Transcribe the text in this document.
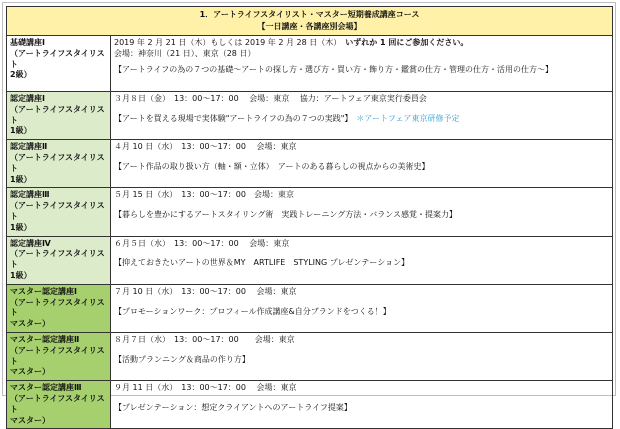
1．アートライフスタイリスト・マスター短期養成講座コース
【一日講座・各講座別会場】	

基礎講座Ⅰ
（アートライフスタイリスト
2級）	2019 年 2 月 21 日（木）もしくは 2019 年 2 月 28 日（木）　 いずれか 1 回にご参加ください。
会場：神奈川（21 日）、東京（28 日）
【アートライフの為の７つの基礎～アートの探し方・選び方・買い方・飾り方・鑑賞の仕方・管理の仕方・活用の仕方～】

認定講座Ⅰ
（アートライフスタイリスト
1級）	３月８日（金）　13：00～17：00　 会場：東京　 協力：アートフェア東京実行委員会
【アートを買える現場で実体験"アートライフの為の７つの実践"】　 ＊アートフェア東京研修予定

認定講座Ⅱ
（アートライフスタイリスト
1級）	４月 10 日（水）　13：00～17：00　 会場：東京
【アート作品の取り扱い方（軸・額・立体）　アートのある暮らしの視点からの美術史】

認定講座Ⅲ
（アートライフスタイリスト
1級）	５月 15 日（水）　13：00～17：00　会場：東京
【暮らしを豊かにするアートスタイリング術　実践トレーニング方法・バランス感覚・提案力】

認定講座Ⅳ
（アートライフスタイリスト
1級）	６月５日（水）　13：00～17：00　 会場：東京
【抑えておきたいアートの世界＆MY　ARTLIFE　STYLING プレゼンテーション】

マスター認定講座Ⅰ
（アートライフスタイリスト
マスター）	７月 10 日（水）　13：00～17：00　 会場：東京
【プロモーションワーク：プロフィール作成講座&自分ブランドをつくる！】

マスター認定講座Ⅱ
（アートライフスタイリスト
マスター）	８月７日（水）　13：00～17：00　　会場：東京
【活動プランニング＆商品の作り方】

マスター認定講座Ⅲ
（アートライフスタイリスト
マスター）	９月 11 日（水）　13：00～17：00　 会場：東京
【プレゼンテーション：想定クライアントへのアートライフ提案】
